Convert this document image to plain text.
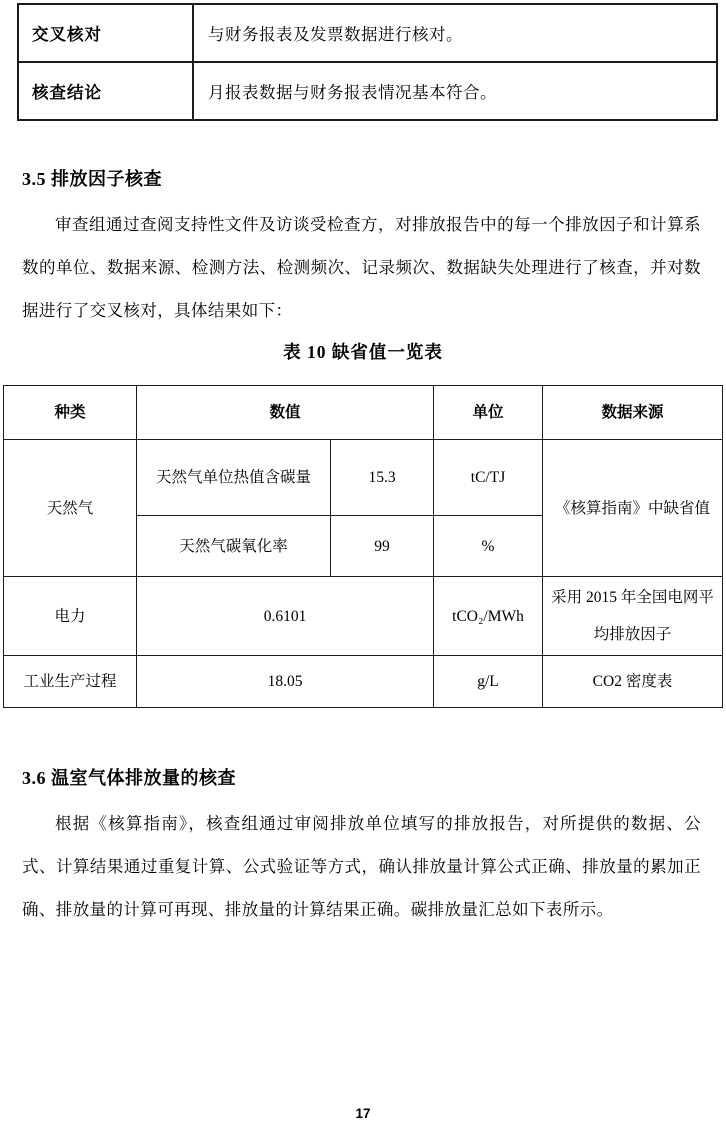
交叉核对	与财务报表及发票数据进行核对。
核查结论	月报表数据与财务报表情况基本符合。
3.5 排放因子核查
审查组通过查阅支持性文件及访谈受检查方，对排放报告中的每一个排放因子和计算系数的单位、数据来源、检测方法、检测频次、记录频次、数据缺失处理进行了核查，并对数据进行了交叉核对，具体结果如下：
表 10 缺省值一览表
种类	数值		单位	数据来源
天然气	天然气单位热值含碳量	15.3	tC/TJ	《核算指南》中缺省值
	天然气碳氧化率	99	%	
电力	0.6101		tCO₂/MWh	采用 2015 年全国电网平均排放因子
工业生产过程	18.05		g/L	CO2 密度表
3.6 温室气体排放量的核查
根据《核算指南》，核查组通过审阅排放单位填写的排放报告，对所提供的数据、公式、计算结果通过重复计算、公式验证等方式，确认排放量计算公式正确、排放量的累加正确、排放量的计算可再现、排放量的计算结果正确。碳排放量汇总如下表所示。
17
